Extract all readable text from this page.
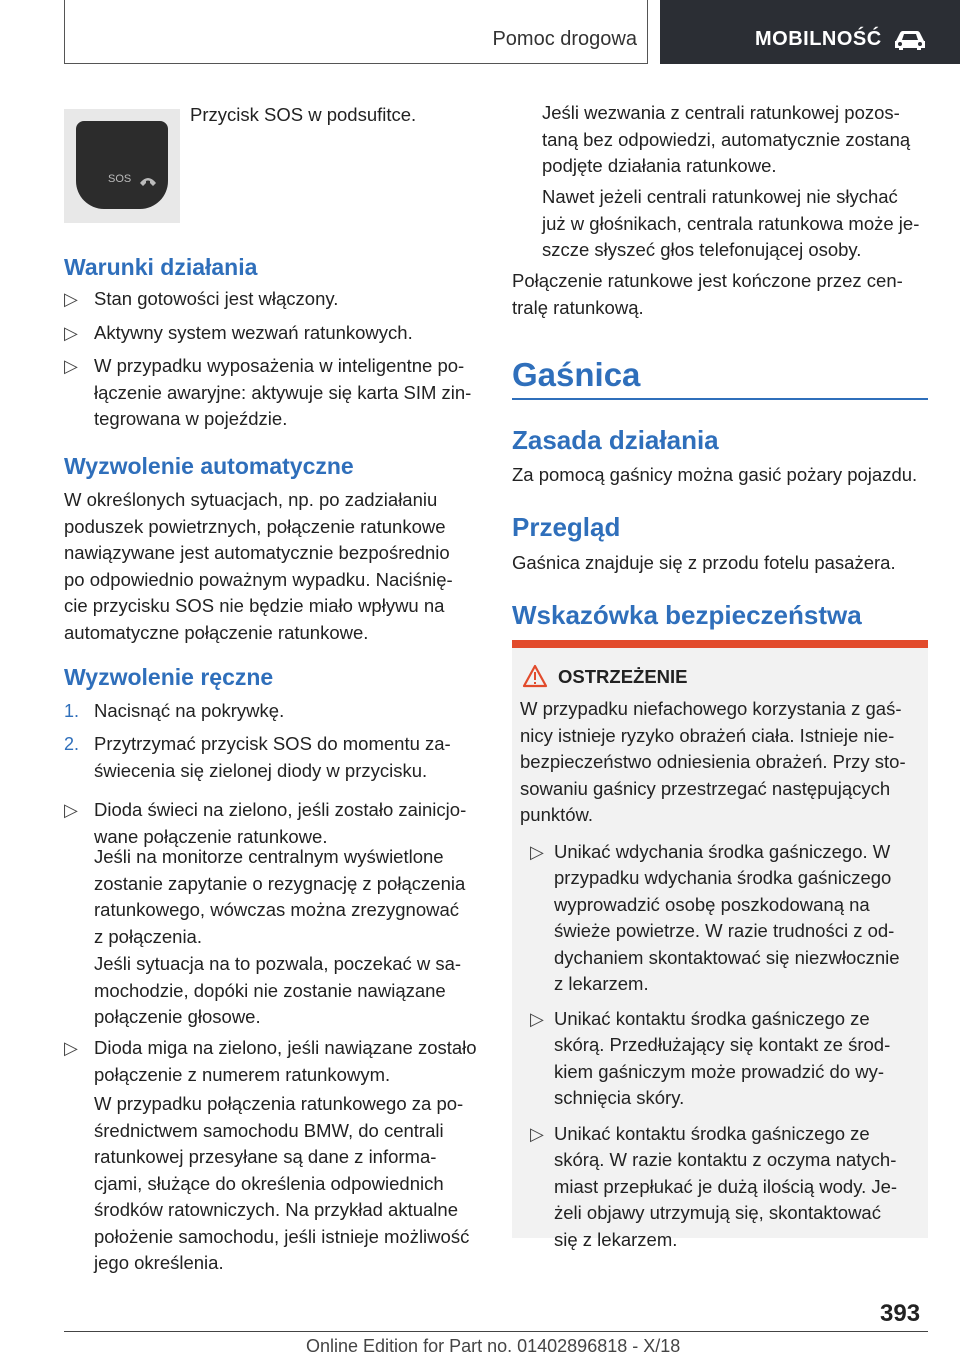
Pomoc drogowa	MOBILNOŚĆ
SOS

Przycisk SOS w podsufitce.

Warunki działania
▷ Stan gotowości jest włączony.

▷ Aktywny system wezwań ratunkowych.

▷ W przypadku wyposażenia w inteligentne po-
łączenie awaryjne: aktywuje się karta SIM zin-
tegrowana w pojeździe.

Wyzwolenie automatyczne

W określonych sytuacjach, np. po zadziałaniu
poduszek powietrznych, połączenie ratunkowe
nawiązywane jest automatycznie bezpośrednio
po odpowiednio poważnym wypadku. Naciśnię-
cie przycisku SOS nie będzie miało wpływu na
automatyczne połączenie ratunkowe.

Wyzwolenie ręczne
1. Nacisnąć na pokrywkę.

2. Przytrzymać przycisk SOS do momentu za-
świecenia się zielonej diody w przycisku.

▷ Dioda świeci na zielono, jeśli zostało zainicjo-
wane połączenie ratunkowe.

Jeśli na monitorze centralnym wyświetlone
zostanie zapytanie o rezygnację z połączenia
ratunkowego, wówczas można zrezygnować
z połączenia.

Jeśli sytuacja na to pozwala, poczekać w sa-
mochodzie, dopóki nie zostanie nawiązane
połączenie głosowe.

▷ Dioda miga na zielono, jeśli nawiązane zostało
połączenie z numerem ratunkowym.

W przypadku połączenia ratunkowego za po-
średnictwem samochodu BMW, do centrali
ratunkowej przesyłane są dane z informa-
cjami, służące do określenia odpowiednich
środków ratowniczych. Na przykład aktualne
położenie samochodu, jeśli istnieje możliwość
jego określenia.

Jeśli wezwania z centrali ratunkowej pozos-
taną bez odpowiedzi, automatycznie zostaną
podjęte działania ratunkowe.

Nawet jeżeli centrali ratunkowej nie słychać
już w głośnikach, centrala ratunkowa może je-
szcze słyszeć głos telefonującej osoby.

Połączenie ratunkowe jest kończone przez cen-
tralę ratunkową.

Gaśnica
Zasada działania

Za pomocą gaśnicy można gasić pożary pojazdu.

Przegląd

Gaśnica znajduje się z przodu fotelu pasażera.

Wskazówka bezpieczeństwa
OSTRZEŻENIE

W przypadku niefachowego korzystania z gaś-
nicy istnieje ryzyko obrażeń ciała. Istnieje nie-
bezpieczeństwo odniesienia obrażeń. Przy sto-
sowaniu gaśnicy przestrzegać następujących
punktów.

▷ Unikać wdychania środka gaśniczego. W
przypadku wdychania środka gaśniczego
wyprowadzić osobę poszkodowaną na
świeże powietrze. W razie trudności z od-
dychaniem skontaktować się niezwłocznie
z lekarzem.

▷ Unikać kontaktu środka gaśniczego ze
skórą. Przedłużający się kontakt ze środ-
kiem gaśniczym może prowadzić do wy-
schnięcia skóry.

▷ Unikać kontaktu środka gaśniczego ze
skórą. W razie kontaktu z oczyma natych-
miast przepłukać je dużą ilością wody. Je-
żeli objawy utrzymują się, skontaktować
się z lekarzem.

393
Online Edition for Part no. 01402896818 - X/18
